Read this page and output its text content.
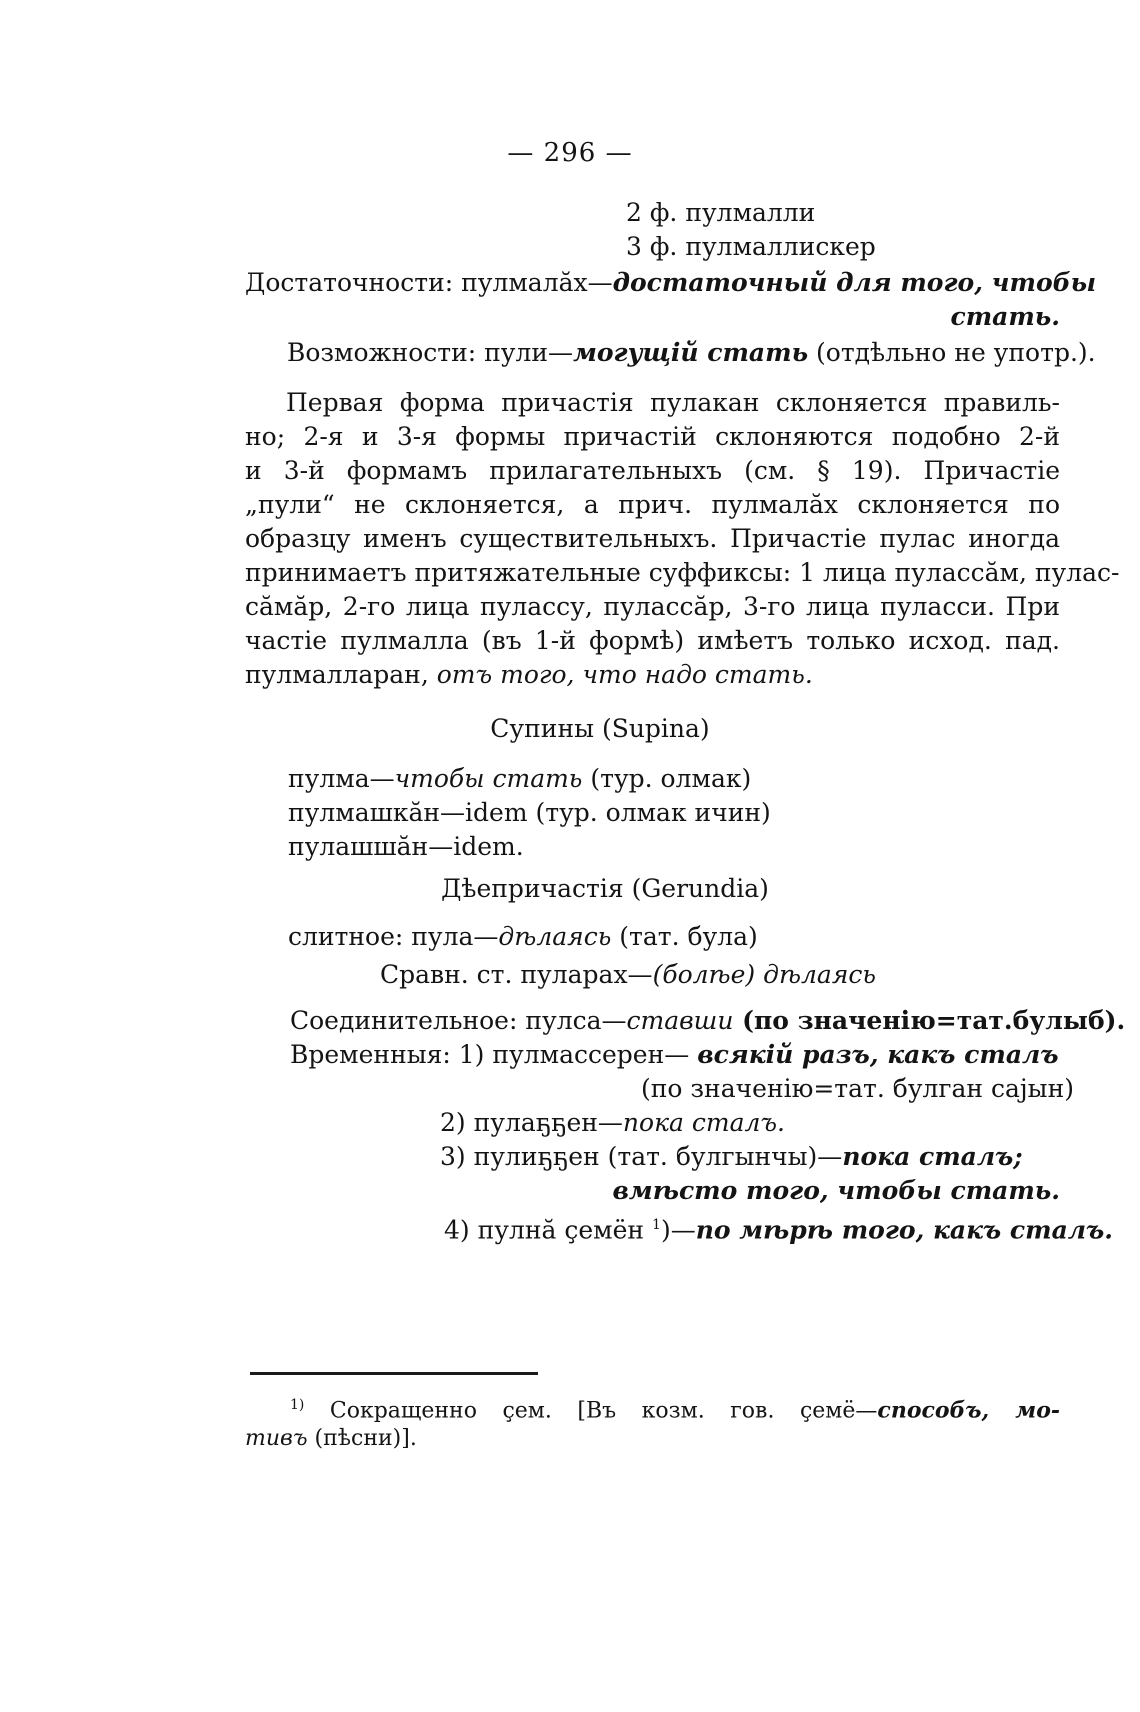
— 296 —
2 ф. пулмалли
3 ф. пулмаллискер
Достаточности: пулмалӑх—достаточный для того, чтобы
стать.
Возможности: пули—могущій стать (отдѣльно не употр.).
Первая форма причастія пулакан склоняется правиль-
но; 2-я и 3-я формы причастій склоняются подобно 2-й
и 3-й формамъ прилагательныхъ (см. § 19). Причастіе
„пули“ не склоняется, а прич. пулмалӑх склоняется по
образцу именъ существительныхъ. Причастіе пулас иногда
принимаетъ притяжательные суффиксы: 1 лица пулассӑм, пулас-
сӑмӑр, 2-го лица пулассу, пулассӑр, 3-го лица пуласси. При
частіе пулмалла (въ 1-й формѣ) имѣетъ только исход. пад.
пулмалларан, отъ того, что надо стать.
Супины (Supina)
пулма—чтобы стать (тур. олмак)
пулмашкӑн—idem (тур. олмак ичин)
пулашшӑн—idem.
Дѣепричастія (Gerundia)
слитное: пула—дѣлаясь (тат. була)
Сравн. ст. пуларах—(болѣе) дѣлаясь
Соединительное: пулса—ставши (по значенію=тат.булыб).
Временныя: 1) пулмассерен— всякій разъ, какъ сталъ
(по значенію=тат. булган саjын)
2) пулаҕҕен—пока сталъ.
3) пулиҕҕен (тат. булгынчы)—пока сталъ;
вмѣсто того, чтобы стать.
4) пулнӑ ҫемён $^1$)—по мѣрѣ того, какъ сталъ.
$^{1)}$ Сокращенно ҫем. [Въ козм. гов. ҫемё—способъ, мо-
тивъ (пѣсни)].
